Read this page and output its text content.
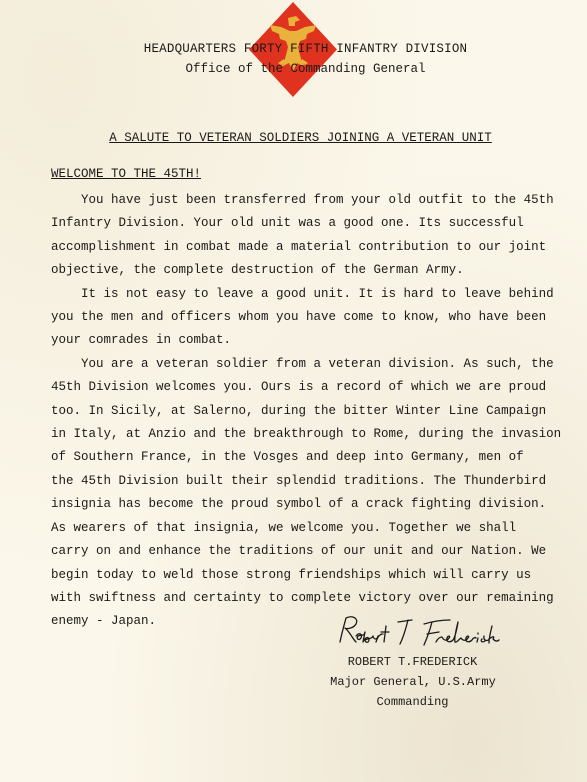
HEADQUARTERS FORTY FIFTH INFANTRY DIVISION
Office of the Commanding General
A SALUTE TO VETERAN SOLDIERS JOINING A VETERAN UNIT
WELCOME TO THE 45TH!
You have just been transferred from your old outfit to the 45th
Infantry Division. Your old unit was a good one. Its successful
accomplishment in combat made a material contribution to our joint
objective, the complete destruction of the German Army.
It is not easy to leave a good unit. It is hard to leave behind
you the men and officers whom you have come to know, who have been
your comrades in combat.
You are a veteran soldier from a veteran division. As such, the
45th Division welcomes you. Ours is a record of which we are proud
too. In Sicily, at Salerno, during the bitter Winter Line Campaign
in Italy, at Anzio and the breakthrough to Rome, during the invasion
of Southern France, in the Vosges and deep into Germany, men of
the 45th Division built their splendid traditions. The Thunderbird
insignia has become the proud symbol of a crack fighting division.
As wearers of that insignia, we welcome you. Together we shall
carry on and enhance the traditions of our unit and our Nation. We
begin today to weld those strong friendships which will carry us
with swiftness and certainty to complete victory over our remaining
enemy - Japan.
ROBERT T.FREDERICK
Major General, U.S.Army
Commanding
